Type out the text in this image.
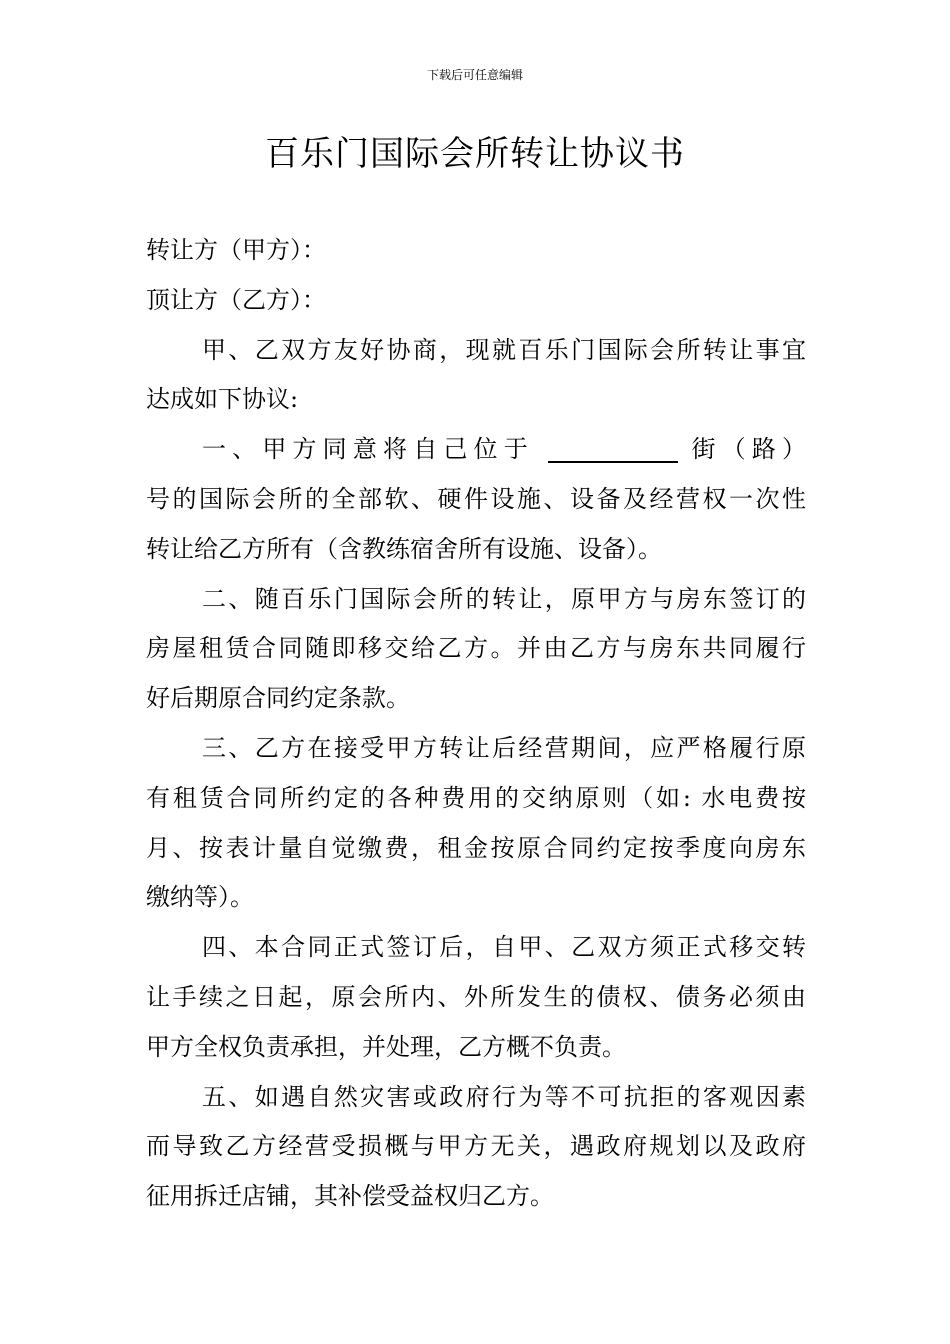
下载后可任意编辑
百乐门国际会所转让协议书
转让方（甲方）：
顶让方（乙方）：
甲、乙双方友好协商，现就百乐门国际会所转让事宜
达成如下协议:
一、甲方同意将自己位于	街（路）
号的国际会所的全部软、硬件设施、设备及经营权一次性
转让给乙方所有（含教练宿舍所有设施、设备）。
二、随百乐门国际会所的转让，原甲方与房东签订的
房屋租赁合同随即移交给乙方。并由乙方与房东共同履行
好后期原合同约定条款。
三、乙方在接受甲方转让后经营期间，应严格履行原
有租赁合同所约定的各种费用的交纳原则（如: 水电费按
月、按表计量自觉缴费，租金按原合同约定按季度向房东
缴纳等）。
四、本合同正式签订后，自甲、乙双方须正式移交转
让手续之日起，原会所内、外所发生的债权、债务必须由
甲方全权负责承担，并处理，乙方概不负责。
五、如遇自然灾害或政府行为等不可抗拒的客观因素
而导致乙方经营受损概与甲方无关，遇政府规划以及政府
征用拆迁店铺，其补偿受益权归乙方。
